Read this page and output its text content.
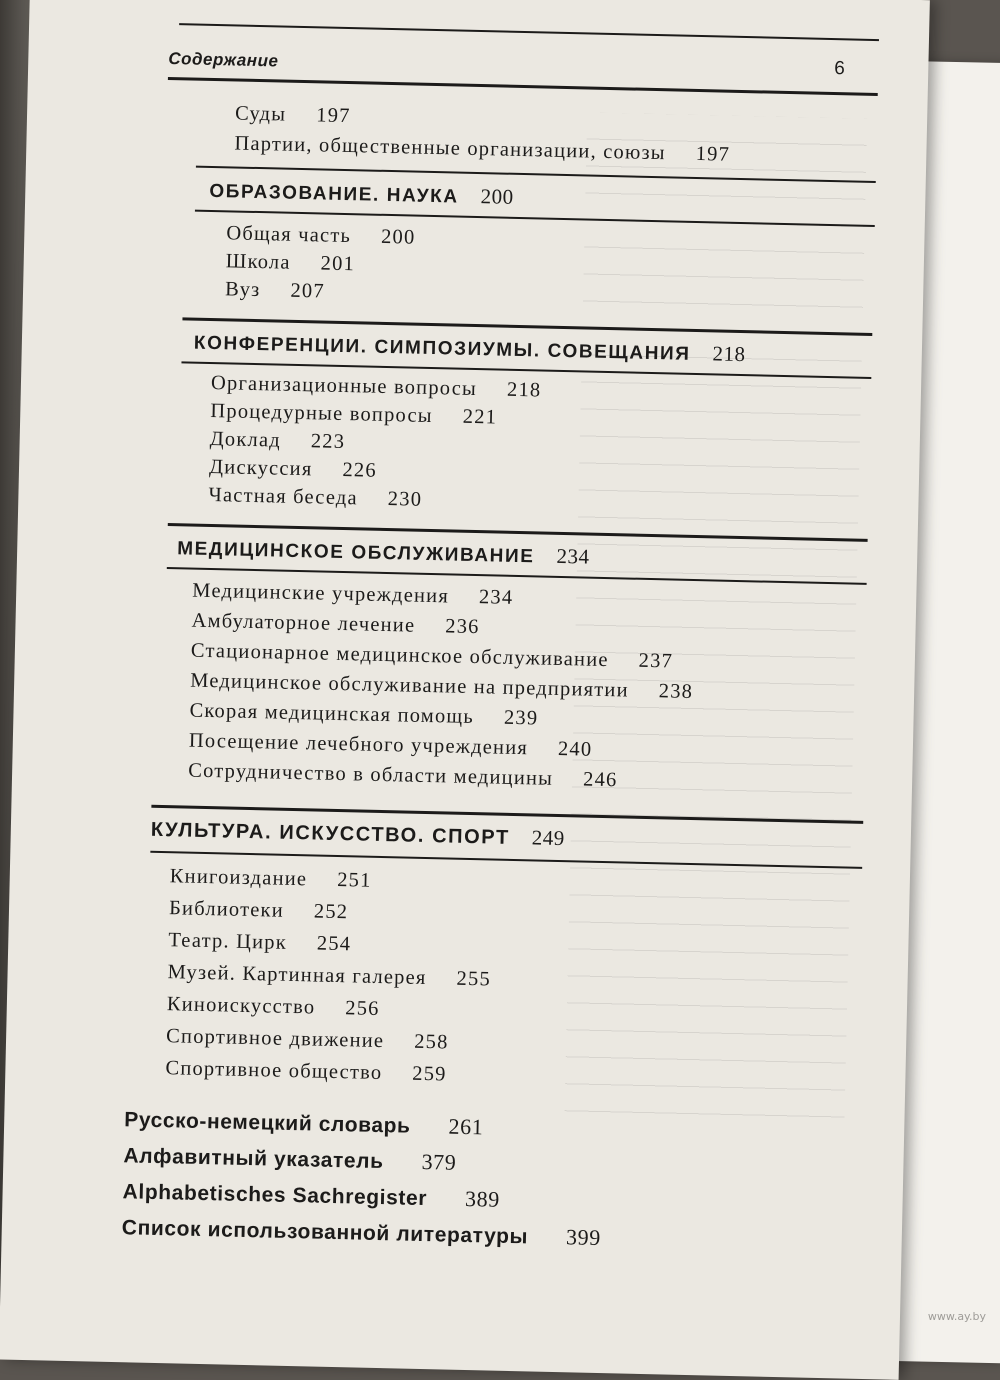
Содержание	6
Суды 197
Партии, общественные организации, союзы 197
ОБРАЗОВАНИЕ. НАУКА 200
Общая часть 200
Школа 201
Вуз 207
КОНФЕРЕНЦИИ. СИМПОЗИУМЫ. СОВЕЩАНИЯ 218
Организационные вопросы 218
Процедурные вопросы 221
Доклад 223
Дискуссия 226
Частная беседа 230
МЕДИЦИНСКОЕ ОБСЛУЖИВАНИЕ 234
Медицинские учреждения 234
Амбулаторное лечение 236
Стационарное медицинское обслуживание 237
Медицинское обслуживание на предприятии 238
Скорая медицинская помощь 239
Посещение лечебного учреждения 240
Сотрудничество в области медицины 246
КУЛЬТУРА. ИСКУССТВО. СПОРТ 249
Книгоиздание 251
Библиотеки 252
Театр. Цирк 254
Музей. Картинная галерея 255
Киноискусство 256
Спортивное движение 258
Спортивное общество 259
Русско-немецкий словарь 261
Алфавитный указатель 379
Alphabetisches Sachregister 389
Список использованной литературы 399
www.ay.by
